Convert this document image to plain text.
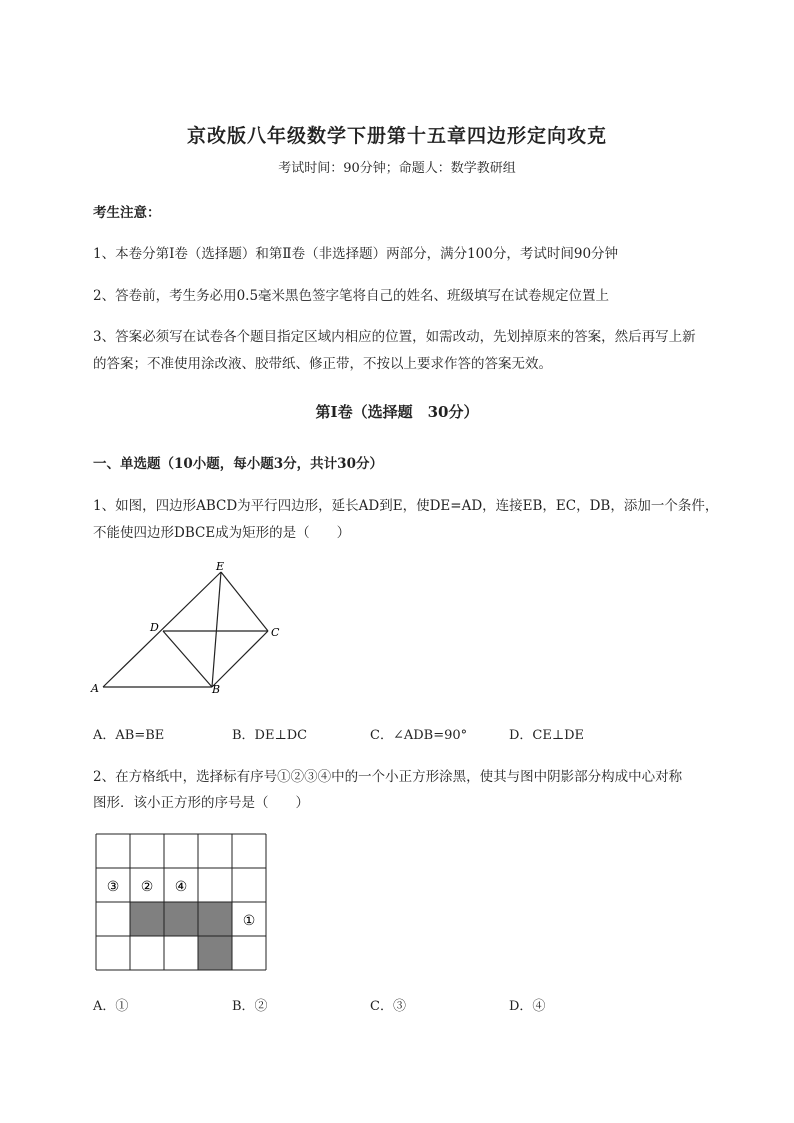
京改版八年级数学下册第十五章四边形定向攻克
考试时间：90分钟；命题人：数学教研组
考生注意：
1、本卷分第I卷（选择题）和第Ⅱ卷（非选择题）两部分，满分100分，考试时间90分钟
2、答卷前，考生务必用0.5毫米黑色签字笔将自己的姓名、班级填写在试卷规定位置上
3、答案必须写在试卷各个题目指定区域内相应的位置，如需改动，先划掉原来的答案，然后再写上新
的答案；不准使用涂改液、胶带纸、修正带，不按以上要求作答的答案无效。
第I卷（选择题　30分）
一、单选题（10小题，每小题3分，共计30分）
1、如图，四边形ABCD为平行四边形，延长AD到E，使DE=AD，连接EB，EC，DB，添加一个条件，
不能使四边形DBCE成为矩形的是（　　）
E
D	C
A	B
A．AB=BE	B．DE⊥DC	C．∠ADB=90°	D．CE⊥DE
2、在方格纸中，选择标有序号①②③④中的一个小正方形涂黑，使其与图中阴影部分构成中心对称
图形．该小正方形的序号是（　　）
③ ② ④
①
A．①	B．②	C．③	D．④
